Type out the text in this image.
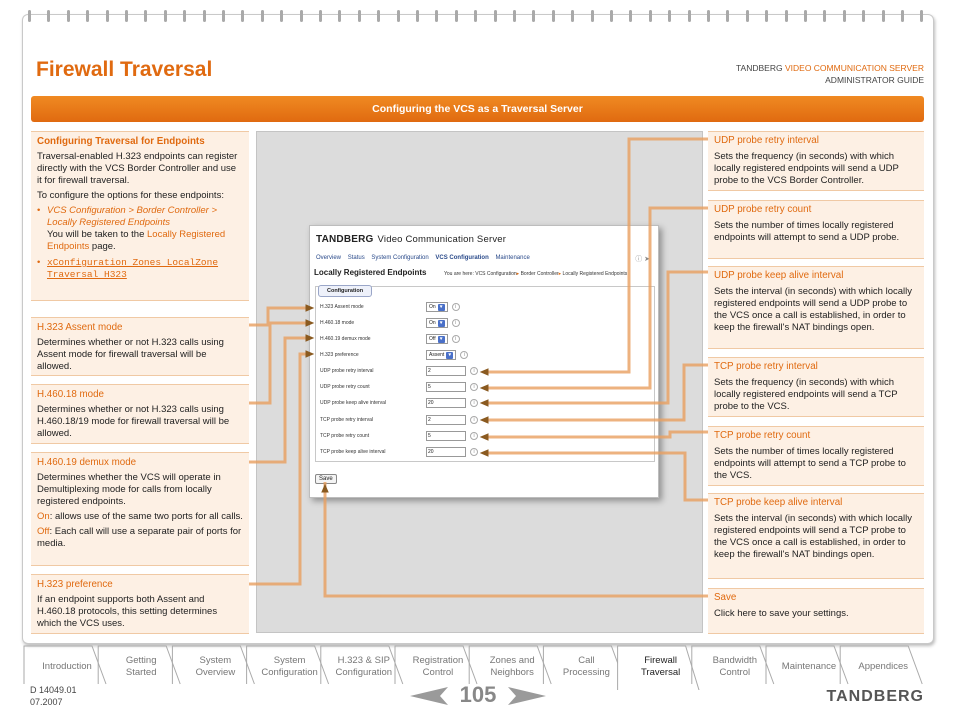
Firewall Traversal	TANDBERG VIDEO COMMUNICATION SERVER
ADMINISTRATOR GUIDE
Configuring the VCS as a Traversal Server
Configuring Traversal for Endpoints

Traversal-enabled H.323 endpoints can register directly with the VCS Border Controller and use it for firewall traversal.

To configure the options for these endpoints:

• VCS Configuration > Border Controller > Locally Registered Endpoints
You will be taken to the Locally Registered Endpoints page.
• xConfiguration Zones LocalZone Traversal H323
H.323 Assent mode

Determines whether or not H.323 calls using Assent mode for firewall traversal will be allowed.

H.460.18 mode

Determines whether or not H.323 calls using H.460.18/19 mode for firewall traversal will be allowed.

H.460.19 demux mode

Determines whether the VCS will operate in Demultiplexing mode for calls from locally registered endpoints.

On: allows use of the same two ports for all calls.

Off: Each call will use a separate pair of ports for media.

H.323 preference

If an endpoint supports both Assent and H.460.18 protocols, this setting determines which the VCS uses.

TANDBERG Video Communication Server
Overview Status System Configuration VCS Configuration Maintenance	ⓘ ➤
Locally Registered Endpoints	You are here: VCS Configuration▸ Border Controller▸ Locally Registered Endpoints
Configuration
Save
H.323 Assent mode	On ▾	i
H.460.18 mode	On ▾	i
H.460.19 demux mode	Off ▾	i
H.323 preference	Assent ▾	i
UDP probe retry interval	2	i
UDP probe retry count	5	i
UDP probe keep alive interval	20	i
TCP probe retry interval	2	i
TCP probe retry count	5	i
TCP probe keep alive interval	20	i
UDP probe retry interval

Sets the frequency (in seconds) with which locally registered endpoints will send a UDP probe to the VCS Border Controller.

UDP probe retry count

Sets the number of times locally registered endpoints will attempt to send a UDP probe.

UDP probe keep alive interval

Sets the interval (in seconds) with which locally registered endpoints will send a UDP probe to the VCS once a call is established, in order to keep the firewall's NAT bindings open.

TCP probe retry interval

Sets the frequency (in seconds) with which locally registered endpoints will send a TCP probe to the VCS.

TCP probe retry count

Sets the number of times locally registered endpoints will attempt to send a TCP probe to the VCS.

TCP probe keep alive interval

Sets the interval (in seconds) with which locally registered endpoints will send a TCP probe to the VCS once a call is established, in order to keep the firewall's NAT bindings open.

Save

Click here to save your settings.

Introduction
Getting
Started
System
Overview
System
Configuration
H.323 & SIP
Configuration
Registration
Control
Zones and
Neighbors
Call
Processing
Firewall
Traversal
Bandwidth
Control
Maintenance Appendices
D 14049.01
07.2007	105	TANDBERG
